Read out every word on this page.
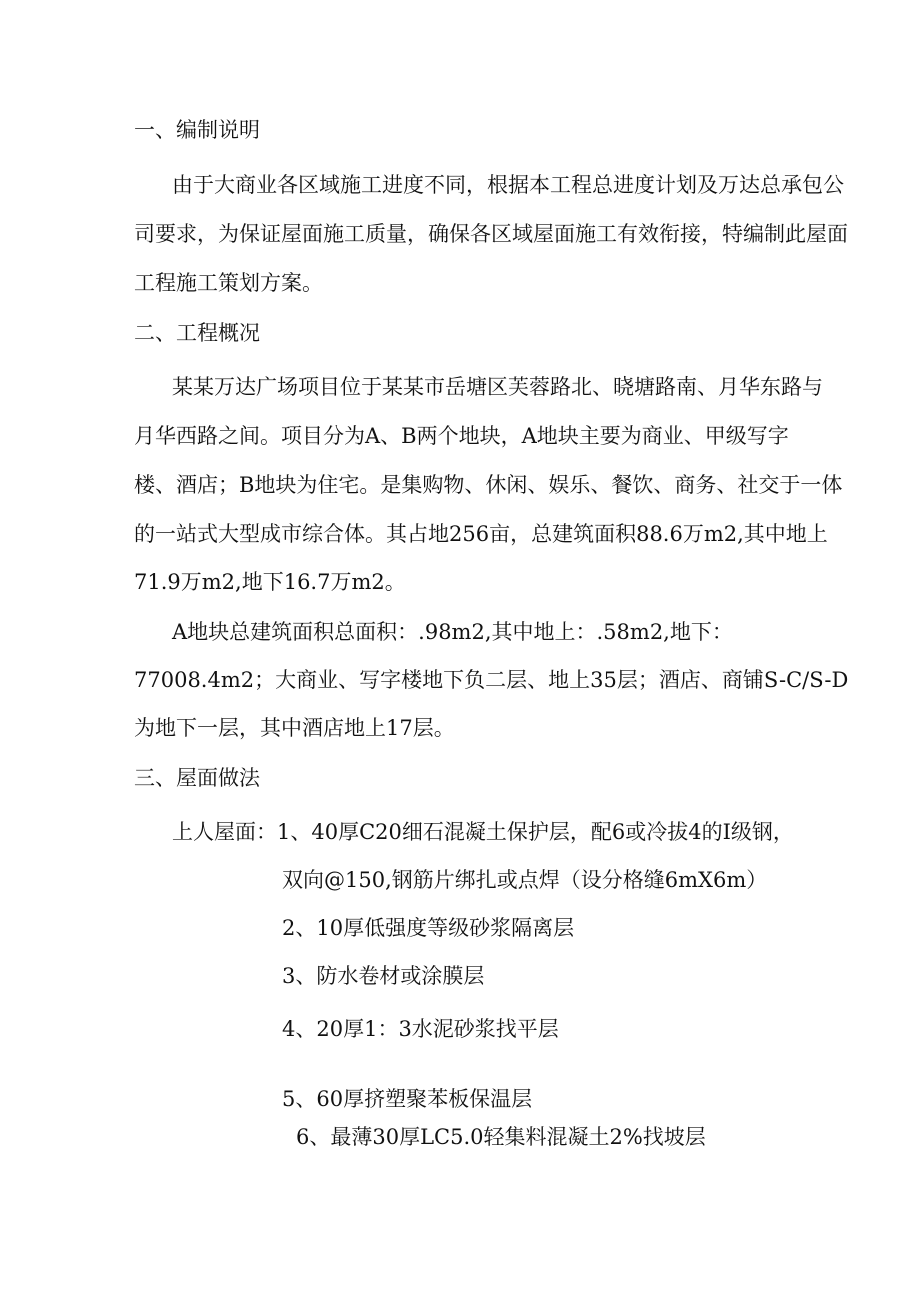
一、编制说明
由于大商业各区域施工进度不同，根据本工程总进度计划及万达总承包公
司要求，为保证屋面施工质量，确保各区域屋面施工有效衔接，特编制此屋面
工程施工策划方案。
二、工程概况
某某万达广场项目位于某某市岳塘区芙蓉路北、晓塘路南、月华东路与
月华西路之间。项目分为A、B两个地块，A地块主要为商业、甲级写字
楼、酒店；B地块为住宅。是集购物、休闲、娱乐、餐饮、商务、社交于一体
的一站式大型成市综合体。其占地256亩，总建筑面积88.6万m2,其中地上
71.9万m2,地下16.7万m2。
A地块总建筑面积总面积：.98m2,其中地上：.58m2,地下：
77008.4m2；大商业、写字楼地下负二层、地上35层；酒店、商铺S-C/S-D
为地下一层，其中酒店地上17层。
三、屋面做法
上人屋面：1、40厚C20细石混凝土保护层，配6或冷拔4的I级钢，
双向@150,钢筋片绑扎或点焊（设分格缝6mX6m）
2、10厚低强度等级砂浆隔离层
3、防水卷材或涂膜层
4、20厚1：3水泥砂浆找平层
5、60厚挤塑聚苯板保温层
6、最薄30厚LC5.0轻集料混凝土2%找坡层
